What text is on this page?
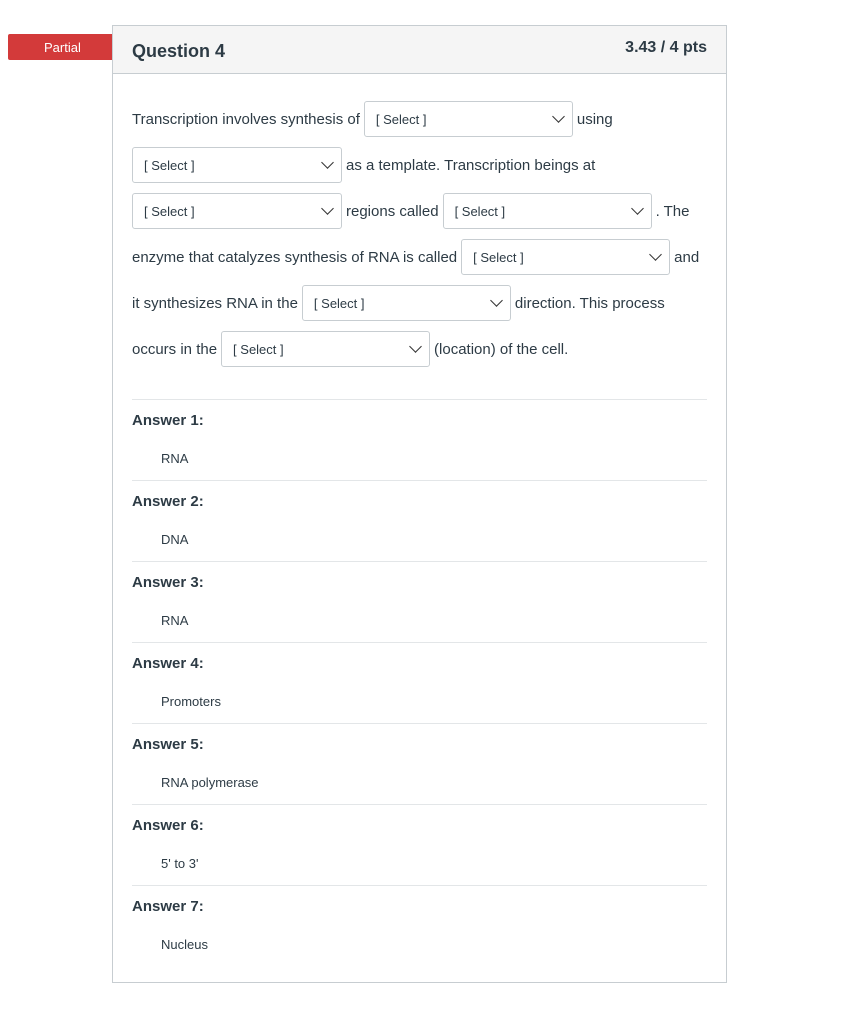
Partial	Question 4	3.43 / 4 pts
Transcription involves synthesis of [ Select ]	using
[ Select ]	as a template. Transcription beings at
[ Select ]	regions called [ Select ]	. The
enzyme that catalyzes synthesis of RNA is called [ Select ]	and
it synthesizes RNA in the [ Select ]	direction. This process
occurs in the [ Select ]	(location) of the cell.
Answer 1:
RNA
Answer 2:
DNA
Answer 3:
RNA
Answer 4:
Promoters
Answer 5:
RNA polymerase
Answer 6:
5' to 3'
Answer 7:
Nucleus
